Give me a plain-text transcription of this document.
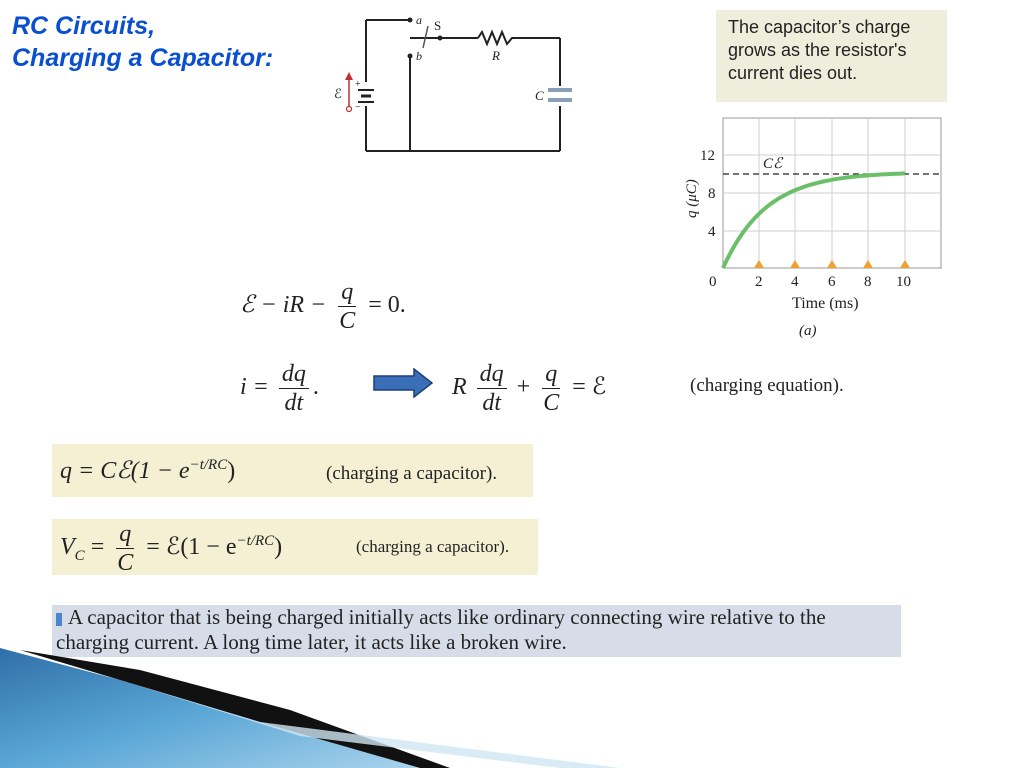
RC Circuits,
Charging a Capacitor:
a
b
S
R
C
ℰ
+
−
The capacitor’s charge
grows as the resistor's
current dies out.
Cℰ
0	2 4 6 8 10
4
8
12
Time (ms)
(a)
q (μC)
ℰ − iR − $\frac{q}{C} = 0$.
$i = \frac{dq}{dt}$ .	R $\frac{dq}{dt} + \frac{q}{C}$ = ℰ	(charging equation).
q = Cℰ(1 − $e^{-t/RC}$)	(charging a capacitor).
$V_C = \frac{q}{C}$ = ℰ(1 − $e^{-t/RC}$)	(charging a capacitor).
A capacitor that is being charged initially acts like ordinary connecting wire relative to the charging current. A long time later, it acts like a broken wire.
